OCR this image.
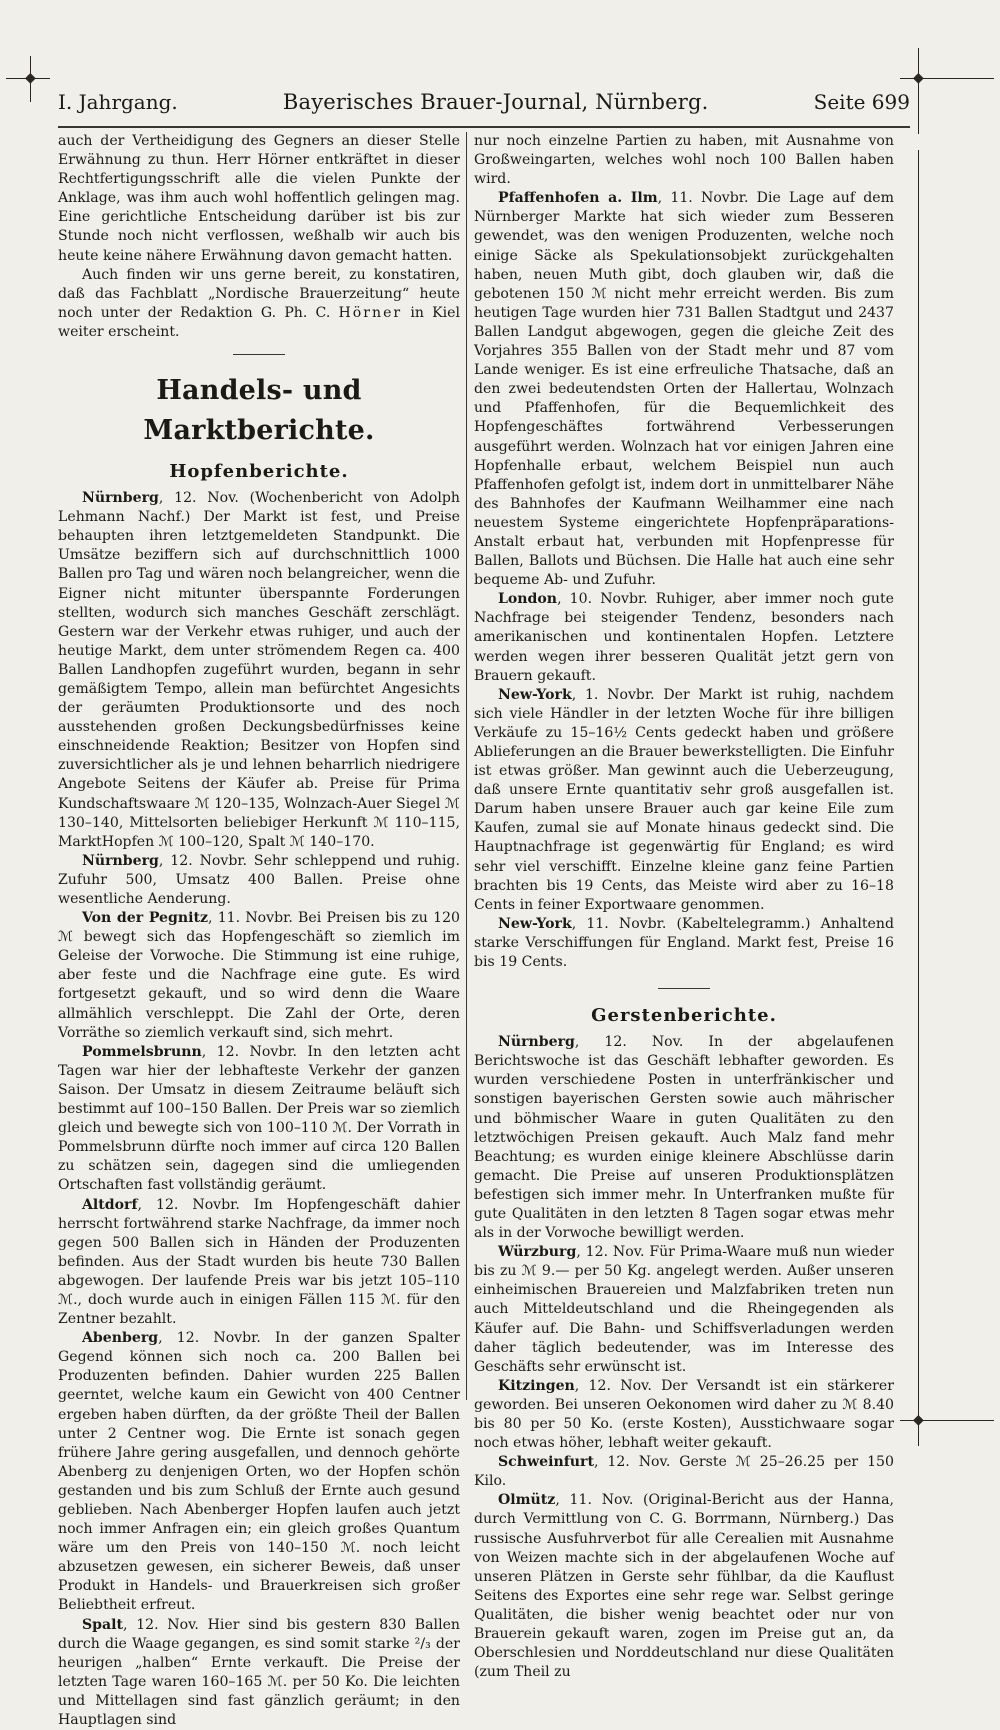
◆	◆
◆
I. Jahrgang.	Bayerisches Brauer-Journal, Nürnberg.	Seite 699

auch der Vertheidigung des Gegners an dieser Stelle Erwähnung zu thun. Herr Hörner entkräftet in dieser Rechtfertigungsschrift alle die vielen Punkte der Anklage, was ihm auch wohl hoffentlich gelingen mag. Eine gerichtliche Entscheidung darüber ist bis zur Stunde noch nicht verflossen, weßhalb wir auch bis heute keine nähere Erwähnung davon gemacht hatten.

Auch finden wir uns gerne bereit, zu konstatiren, daß das Fachblatt „Nordische Brauerzeitung“ heute noch unter der Redaktion G. Ph. C. Hörner in Kiel weiter erscheint.

Handels- und Marktberichte.
Hopfenberichte.

Nürnberg, 12. Nov. (Wochenbericht von Adolph Lehmann Nachf.) Der Markt ist fest, und Preise behaupten ihren letztgemeldeten Standpunkt. Die Umsätze beziffern sich auf durchschnittlich 1000 Ballen pro Tag und wären noch belangreicher, wenn die Eigner nicht mitunter überspannte Forderungen stellten, wodurch sich manches Geschäft zerschlägt. Gestern war der Verkehr etwas ruhiger, und auch der heutige Markt, dem unter strömendem Regen ca. 400 Ballen Landhopfen zugeführt wurden, begann in sehr gemäßigtem Tempo, allein man befürchtet Angesichts der geräumten Produktionsorte und des noch ausstehenden großen Deckungsbedürfnisses keine einschneidende Reaktion; Besitzer von Hopfen sind zuversichtlicher als je und lehnen beharrlich niedrigere Angebote Seitens der Käufer ab. Preise für Prima Kundschaftswaare ℳ 120–135, Wolnzach-Auer Siegel ℳ 130–140, Mittelsorten beliebiger Herkunft ℳ 110–115, MarktHopfen ℳ 100–120, Spalt ℳ 140–170.

Nürnberg, 12. Novbr. Sehr schleppend und ruhig. Zufuhr 500, Umsatz 400 Ballen. Preise ohne wesentliche Aenderung.

Von der Pegnitz, 11. Novbr. Bei Preisen bis zu 120 ℳ bewegt sich das Hopfengeschäft so ziemlich im Geleise der Vorwoche. Die Stimmung ist eine ruhige, aber feste und die Nachfrage eine gute. Es wird fortgesetzt gekauft, und so wird denn die Waare allmählich verschleppt. Die Zahl der Orte, deren Vorräthe so ziemlich verkauft sind, sich mehrt.

Pommelsbrunn, 12. Novbr. In den letzten acht Tagen war hier der lebhafteste Verkehr der ganzen Saison. Der Umsatz in diesem Zeitraume beläuft sich bestimmt auf 100–150 Ballen. Der Preis war so ziemlich gleich und bewegte sich von 100–110 ℳ. Der Vorrath in Pommelsbrunn dürfte noch immer auf circa 120 Ballen zu schätzen sein, dagegen sind die umliegenden Ortschaften fast vollständig geräumt.

Altdorf, 12. Novbr. Im Hopfengeschäft dahier herrscht fortwährend starke Nachfrage, da immer noch gegen 500 Ballen sich in Händen der Produzenten befinden. Aus der Stadt wurden bis heute 730 Ballen abgewogen. Der laufende Preis war bis jetzt 105–110 ℳ., doch wurde auch in einigen Fällen 115 ℳ. für den Zentner bezahlt.

Abenberg, 12. Novbr. In der ganzen Spalter Gegend können sich noch ca. 200 Ballen bei Produzenten befinden. Dahier wurden 225 Ballen geerntet, welche kaum ein Gewicht von 400 Centner ergeben haben dürften, da der größte Theil der Ballen unter 2 Centner wog. Die Ernte ist sonach gegen frühere Jahre gering ausgefallen, und dennoch gehörte Abenberg zu denjenigen Orten, wo der Hopfen schön gestanden und bis zum Schluß der Ernte auch gesund geblieben. Nach Abenberger Hopfen laufen auch jetzt noch immer Anfragen ein; ein gleich großes Quantum wäre um den Preis von 140–150 ℳ. noch leicht abzusetzen gewesen, ein sicherer Beweis, daß unser Produkt in Handels- und Brauerkreisen sich großer Beliebtheit erfreut.

Spalt, 12. Nov. Hier sind bis gestern 830 Ballen durch die Waage gegangen, es sind somit starke ²/₃ der heurigen „halben“ Ernte verkauft. Die Preise der letzten Tage waren 160–165 ℳ. per 50 Ko. Die leichten und Mittellagen sind fast gänzlich geräumt; in den Hauptlagen sind

nur noch einzelne Partien zu haben, mit Ausnahme von Großweingarten, welches wohl noch 100 Ballen haben wird.

Pfaffenhofen a. Ilm, 11. Novbr. Die Lage auf dem Nürnberger Markte hat sich wieder zum Besseren gewendet, was den wenigen Produzenten, welche noch einige Säcke als Spekulationsobjekt zurückgehalten haben, neuen Muth gibt, doch glauben wir, daß die gebotenen 150 ℳ nicht mehr erreicht werden. Bis zum heutigen Tage wurden hier 731 Ballen Stadtgut und 2437 Ballen Landgut abgewogen, gegen die gleiche Zeit des Vorjahres 355 Ballen von der Stadt mehr und 87 vom Lande weniger. Es ist eine erfreuliche Thatsache, daß an den zwei bedeutendsten Orten der Hallertau, Wolnzach und Pfaffenhofen, für die Bequemlichkeit des Hopfengeschäftes fortwährend Verbesserungen ausgeführt werden. Wolnzach hat vor einigen Jahren eine Hopfenhalle erbaut, welchem Beispiel nun auch Pfaffenhofen gefolgt ist, indem dort in unmittelbarer Nähe des Bahnhofes der Kaufmann Weilhammer eine nach neuestem Systeme eingerichtete Hopfenpräparations-Anstalt erbaut hat, verbunden mit Hopfenpresse für Ballen, Ballots und Büchsen. Die Halle hat auch eine sehr bequeme Ab- und Zufuhr.

London, 10. Novbr. Ruhiger, aber immer noch gute Nachfrage bei steigender Tendenz, besonders nach amerikanischen und kontinentalen Hopfen. Letztere werden wegen ihrer besseren Qualität jetzt gern von Brauern gekauft.

New-York, 1. Novbr. Der Markt ist ruhig, nachdem sich viele Händler in der letzten Woche für ihre billigen Verkäufe zu 15–16½ Cents gedeckt haben und größere Ablieferungen an die Brauer bewerkstelligten. Die Einfuhr ist etwas größer. Man gewinnt auch die Ueberzeugung, daß unsere Ernte quantitativ sehr groß ausgefallen ist. Darum haben unsere Brauer auch gar keine Eile zum Kaufen, zumal sie auf Monate hinaus gedeckt sind. Die Hauptnachfrage ist gegenwärtig für England; es wird sehr viel verschifft. Einzelne kleine ganz feine Partien brachten bis 19 Cents, das Meiste wird aber zu 16–18 Cents in feiner Exportwaare genommen.

New-York, 11. Novbr. (Kabeltelegramm.) Anhaltend starke Verschiffungen für England. Markt fest, Preise 16 bis 19 Cents.

Gerstenberichte.

Nürnberg, 12. Nov. In der abgelaufenen Berichtswoche ist das Geschäft lebhafter geworden. Es wurden verschiedene Posten in unterfränkischer und sonstigen bayerischen Gersten sowie auch mährischer und böhmischer Waare in guten Qualitäten zu den letztwöchigen Preisen gekauft. Auch Malz fand mehr Beachtung; es wurden einige kleinere Abschlüsse darin gemacht. Die Preise auf unseren Produktionsplätzen befestigen sich immer mehr. In Unterfranken mußte für gute Qualitäten in den letzten 8 Tagen sogar etwas mehr als in der Vorwoche bewilligt werden.

Würzburg, 12. Nov. Für Prima-Waare muß nun wieder bis zu ℳ 9.— per 50 Kg. angelegt werden. Außer unseren einheimischen Brauereien und Malzfabriken treten nun auch Mitteldeutschland und die Rheingegenden als Käufer auf. Die Bahn- und Schiffsverladungen werden daher täglich bedeutender, was im Interesse des Geschäfts sehr erwünscht ist.

Kitzingen, 12. Nov. Der Versandt ist ein stärkerer geworden. Bei unseren Oekonomen wird daher zu ℳ 8.40 bis 80 per 50 Ko. (erste Kosten), Ausstichwaare sogar noch etwas höher, lebhaft weiter gekauft.

Schweinfurt, 12. Nov. Gerste ℳ 25–26.25 per 150 Kilo.

Olmütz, 11. Nov. (Original-Bericht aus der Hanna, durch Vermittlung von C. G. Borrmann, Nürnberg.) Das russische Ausfuhrverbot für alle Cerealien mit Ausnahme von Weizen machte sich in der abgelaufenen Woche auf unseren Plätzen in Gerste sehr fühlbar, da die Kauflust Seitens des Exportes eine sehr rege war. Selbst geringe Qualitäten, die bisher wenig beachtet oder nur von Brauerein gekauft waren, zogen im Preise gut an, da Oberschlesien und Norddeutschland nur diese Qualitäten (zum Theil zu
